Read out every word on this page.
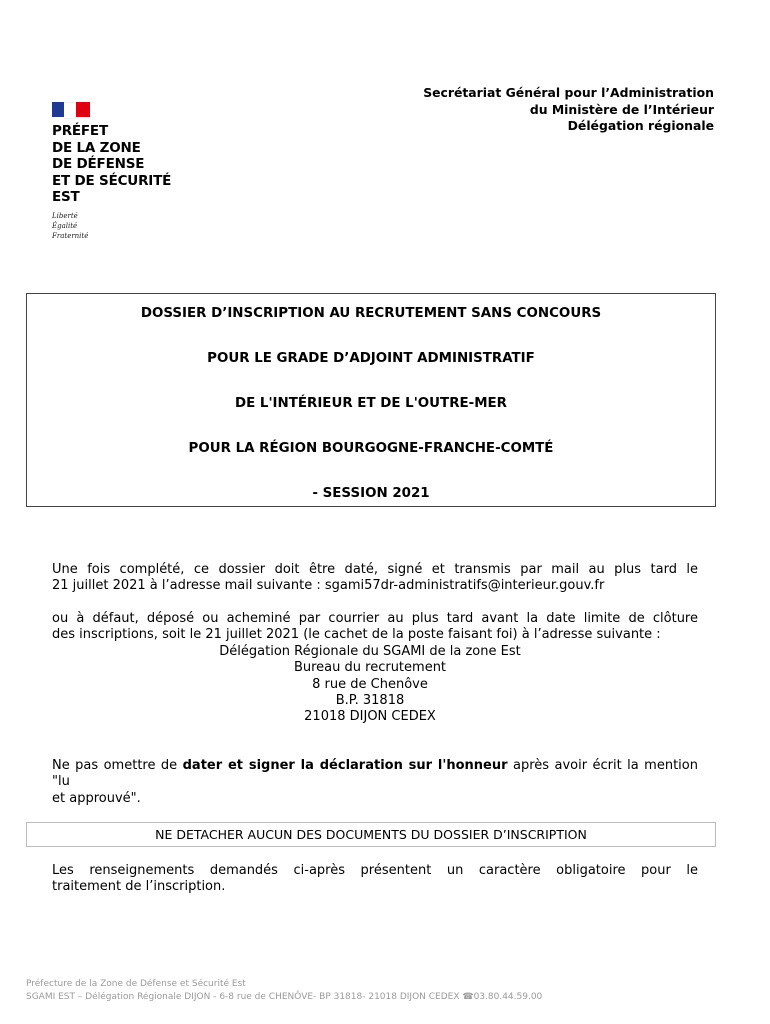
PRÉFET
DE LA ZONE
DE DÉFENSE
ET DE SÉCURITÉ
EST
Liberté
Égalité
Fraternité
Secrétariat Général pour l’Administration
du Ministère de l’Intérieur
Délégation régionale
DOSSIER D’INSCRIPTION AU RECRUTEMENT SANS CONCOURS
POUR LE GRADE D’ADJOINT ADMINISTRATIF
DE L'INTÉRIEUR ET DE L'OUTRE-MER
POUR LA RÉGION BOURGOGNE-FRANCHE-COMTÉ
- SESSION 2021
Une fois complété, ce dossier doit être daté, signé et transmis par mail au plus tard le
21 juillet 2021 à l’adresse mail suivante : sgami57dr-administratifs@interieur.gouv.fr
ou à défaut, déposé ou acheminé par courrier au plus tard avant la date limite de clôture
des inscriptions, soit le 21 juillet 2021 (le cachet de la poste faisant foi) à l’adresse suivante :
Délégation Régionale du SGAMI de la zone Est
Bureau du recrutement
8 rue de Chenôve
B.P. 31818
21018 DIJON CEDEX
Ne pas omettre de dater et signer la déclaration sur l'honneur après avoir écrit la mention "lu
et approuvé".
NE DETACHER AUCUN DES DOCUMENTS DU DOSSIER D’INSCRIPTION
Les renseignements demandés ci-après présentent un caractère obligatoire pour le
traitement de l’inscription.
Préfecture de la Zone de Défense et Sécurité Est
SGAMI EST – Délégation Régionale DIJON - 6-8 rue de CHENÔVE- BP 31818- 21018 DIJON CEDEX ☎03.80.44.59.00
